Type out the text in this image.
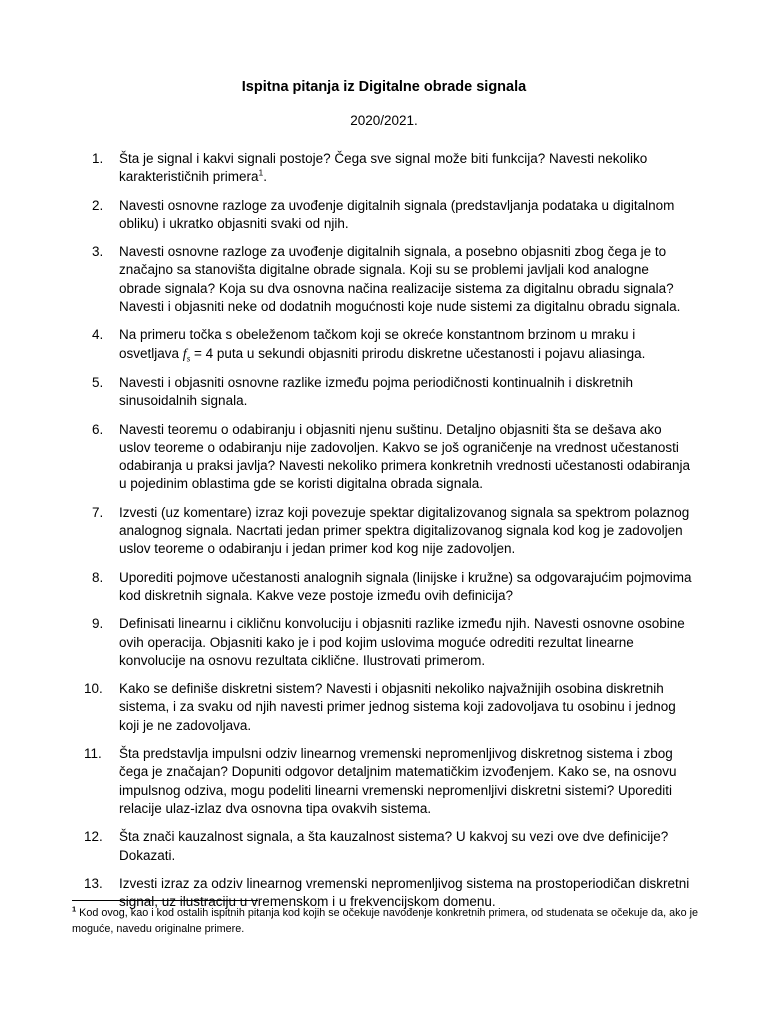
Ispitna pitanja iz Digitalne obrade signala
2020/2021.
1.	Šta je signal i kakvi signali postoje? Čega sve signal može biti funkcija? Navesti nekoliko karakterističnih primera$^1$.
2.	Navesti osnovne razloge za uvođenje digitalnih signala (predstavljanja podataka u digitalnom obliku) i ukratko objasniti svaki od njih.
3.	Navesti osnovne razloge za uvođenje digitalnih signala, a posebno objasniti zbog čega je to značajno sa stanovišta digitalne obrade signala. Koji su se problemi javljali kod analogne obrade signala? Koja su dva osnovna načina realizacije sistema za digitalnu obradu signala? Navesti i objasniti neke od dodatnih mogućnosti koje nude sistemi za digitalnu obradu signala.
4.	Na primeru točka s obeleženom tačkom koji se okreće konstantnom brzinom u mraku i osvetljava $f_s = 4$ puta u sekundi objasniti prirodu diskretne učestanosti i pojavu aliasinga.
5.	Navesti i objasniti osnovne razlike između pojma periodičnosti kontinualnih i diskretnih sinusoidalnih signala.
6.	Navesti teoremu o odabiranju i objasniti njenu suštinu. Detaljno objasniti šta se dešava ako uslov teoreme o odabiranju nije zadovoljen. Kakvo se još ograničenje na vrednost učestanosti odabiranja u praksi javlja? Navesti nekoliko primera konkretnih vrednosti učestanosti odabiranja u pojedinim oblastima gde se koristi digitalna obrada signala.
7.	Izvesti (uz komentare) izraz koji povezuje spektar digitalizovanog signala sa spektrom polaznog analognog signala. Nacrtati jedan primer spektra digitalizovanog signala kod kog je zadovoljen uslov teoreme o odabiranju i jedan primer kod kog nije zadovoljen.
8.	Uporediti pojmove učestanosti analognih signala (linijske i kružne) sa odgovarajućim pojmovima kod diskretnih signala. Kakve veze postoje između ovih definicija?
9.	Definisati linearnu i cikličnu konvoluciju i objasniti razlike između njih. Navesti osnovne osobine ovih operacija. Objasniti kako je i pod kojim uslovima moguće odrediti rezultat linearne konvolucije na osnovu rezultata ciklične. Ilustrovati primerom.
10.	Kako se definiše diskretni sistem? Navesti i objasniti nekoliko najvažnijih osobina diskretnih sistema, i za svaku od njih navesti primer jednog sistema koji zadovoljava tu osobinu i jednog koji je ne zadovoljava.
11.	Šta predstavlja impulsni odziv linearnog vremenski nepromenljivog diskretnog sistema i zbog čega je značajan? Dopuniti odgovor detaljnim matematičkim izvođenjem. Kako se, na osnovu impulsnog odziva, mogu podeliti linearni vremenski nepromenljivi diskretni sistemi? Uporediti relacije ulaz-izlaz dva osnovna tipa ovakvih sistema.
12.	Šta znači kauzalnost signala, a šta kauzalnost sistema? U kakvoj su vezi ove dve definicije? Dokazati.
13.	Izvesti izraz za odziv linearnog vremenski nepromenljivog sistema na prostoperiodičan diskretni signal, uz ilustraciju u vremenskom i u frekvencijskom domenu.
$^1$ Kod ovog, kao i kod ostalih ispitnih pitanja kod kojih se očekuje navođenje konkretnih primera, od studenata se očekuje da, ako je moguće, navedu originalne primere.
